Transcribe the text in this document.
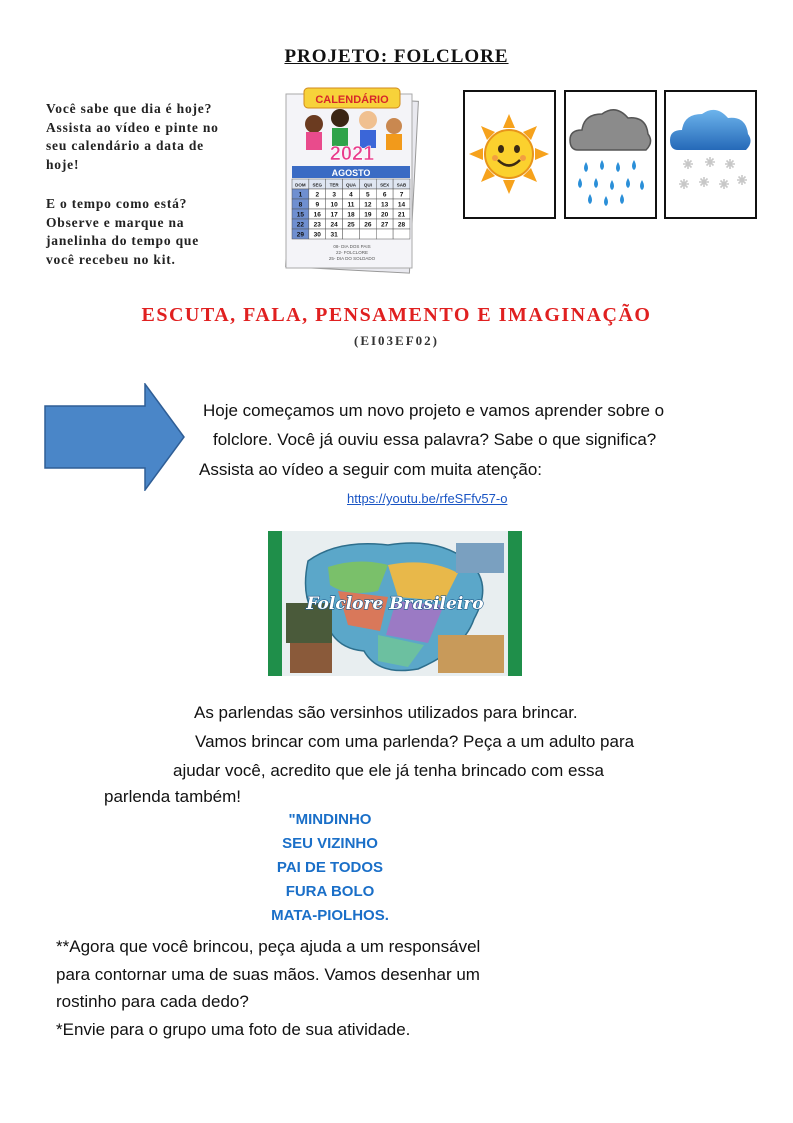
PROJETO: FOLCLORE
Você sabe que dia é hoje?
Assista ao vídeo e pinte no
seu calendário a data de
hoje!
E o tempo como está?
Observe e marque na
janelinha do tempo que
você recebeu no kit.
CALENDÁRIO
2021
AGOSTO
DOM SEG TER QUA QUI SEX SAB
1 2 3 4 5 6 7
8 9 10 11 12 13 14
15 16 17 18 19 20 21
22 23 24 25 26 27 28
29 30 31
08- DIA DOS PAIS
22- FOLCLORE
25- DIA DO SOLDADO
ESCUTA, FALA, PENSAMENTO E IMAGINAÇÃO
(EI03EF02)
Hoje começamos um novo projeto e vamos aprender sobre o
folclore. Você já ouviu essa palavra? Sabe o que significa?
Assista ao vídeo a seguir com muita atenção:
https://youtu.be/rfeSFfv57-o
Folclore Brasileiro
As parlendas são versinhos utilizados para brincar.
Vamos brincar com uma parlenda? Peça a um adulto para
ajudar você, acredito que ele já tenha brincado com essa
parlenda também!
"MINDINHO
SEU VIZINHO
PAI DE TODOS
FURA BOLO
MATA-PIOLHOS.
**Agora que você brincou, peça ajuda a um responsável
para contornar uma de suas mãos. Vamos desenhar um
rostinho para cada dedo?
*Envie para o grupo uma foto de sua atividade.
